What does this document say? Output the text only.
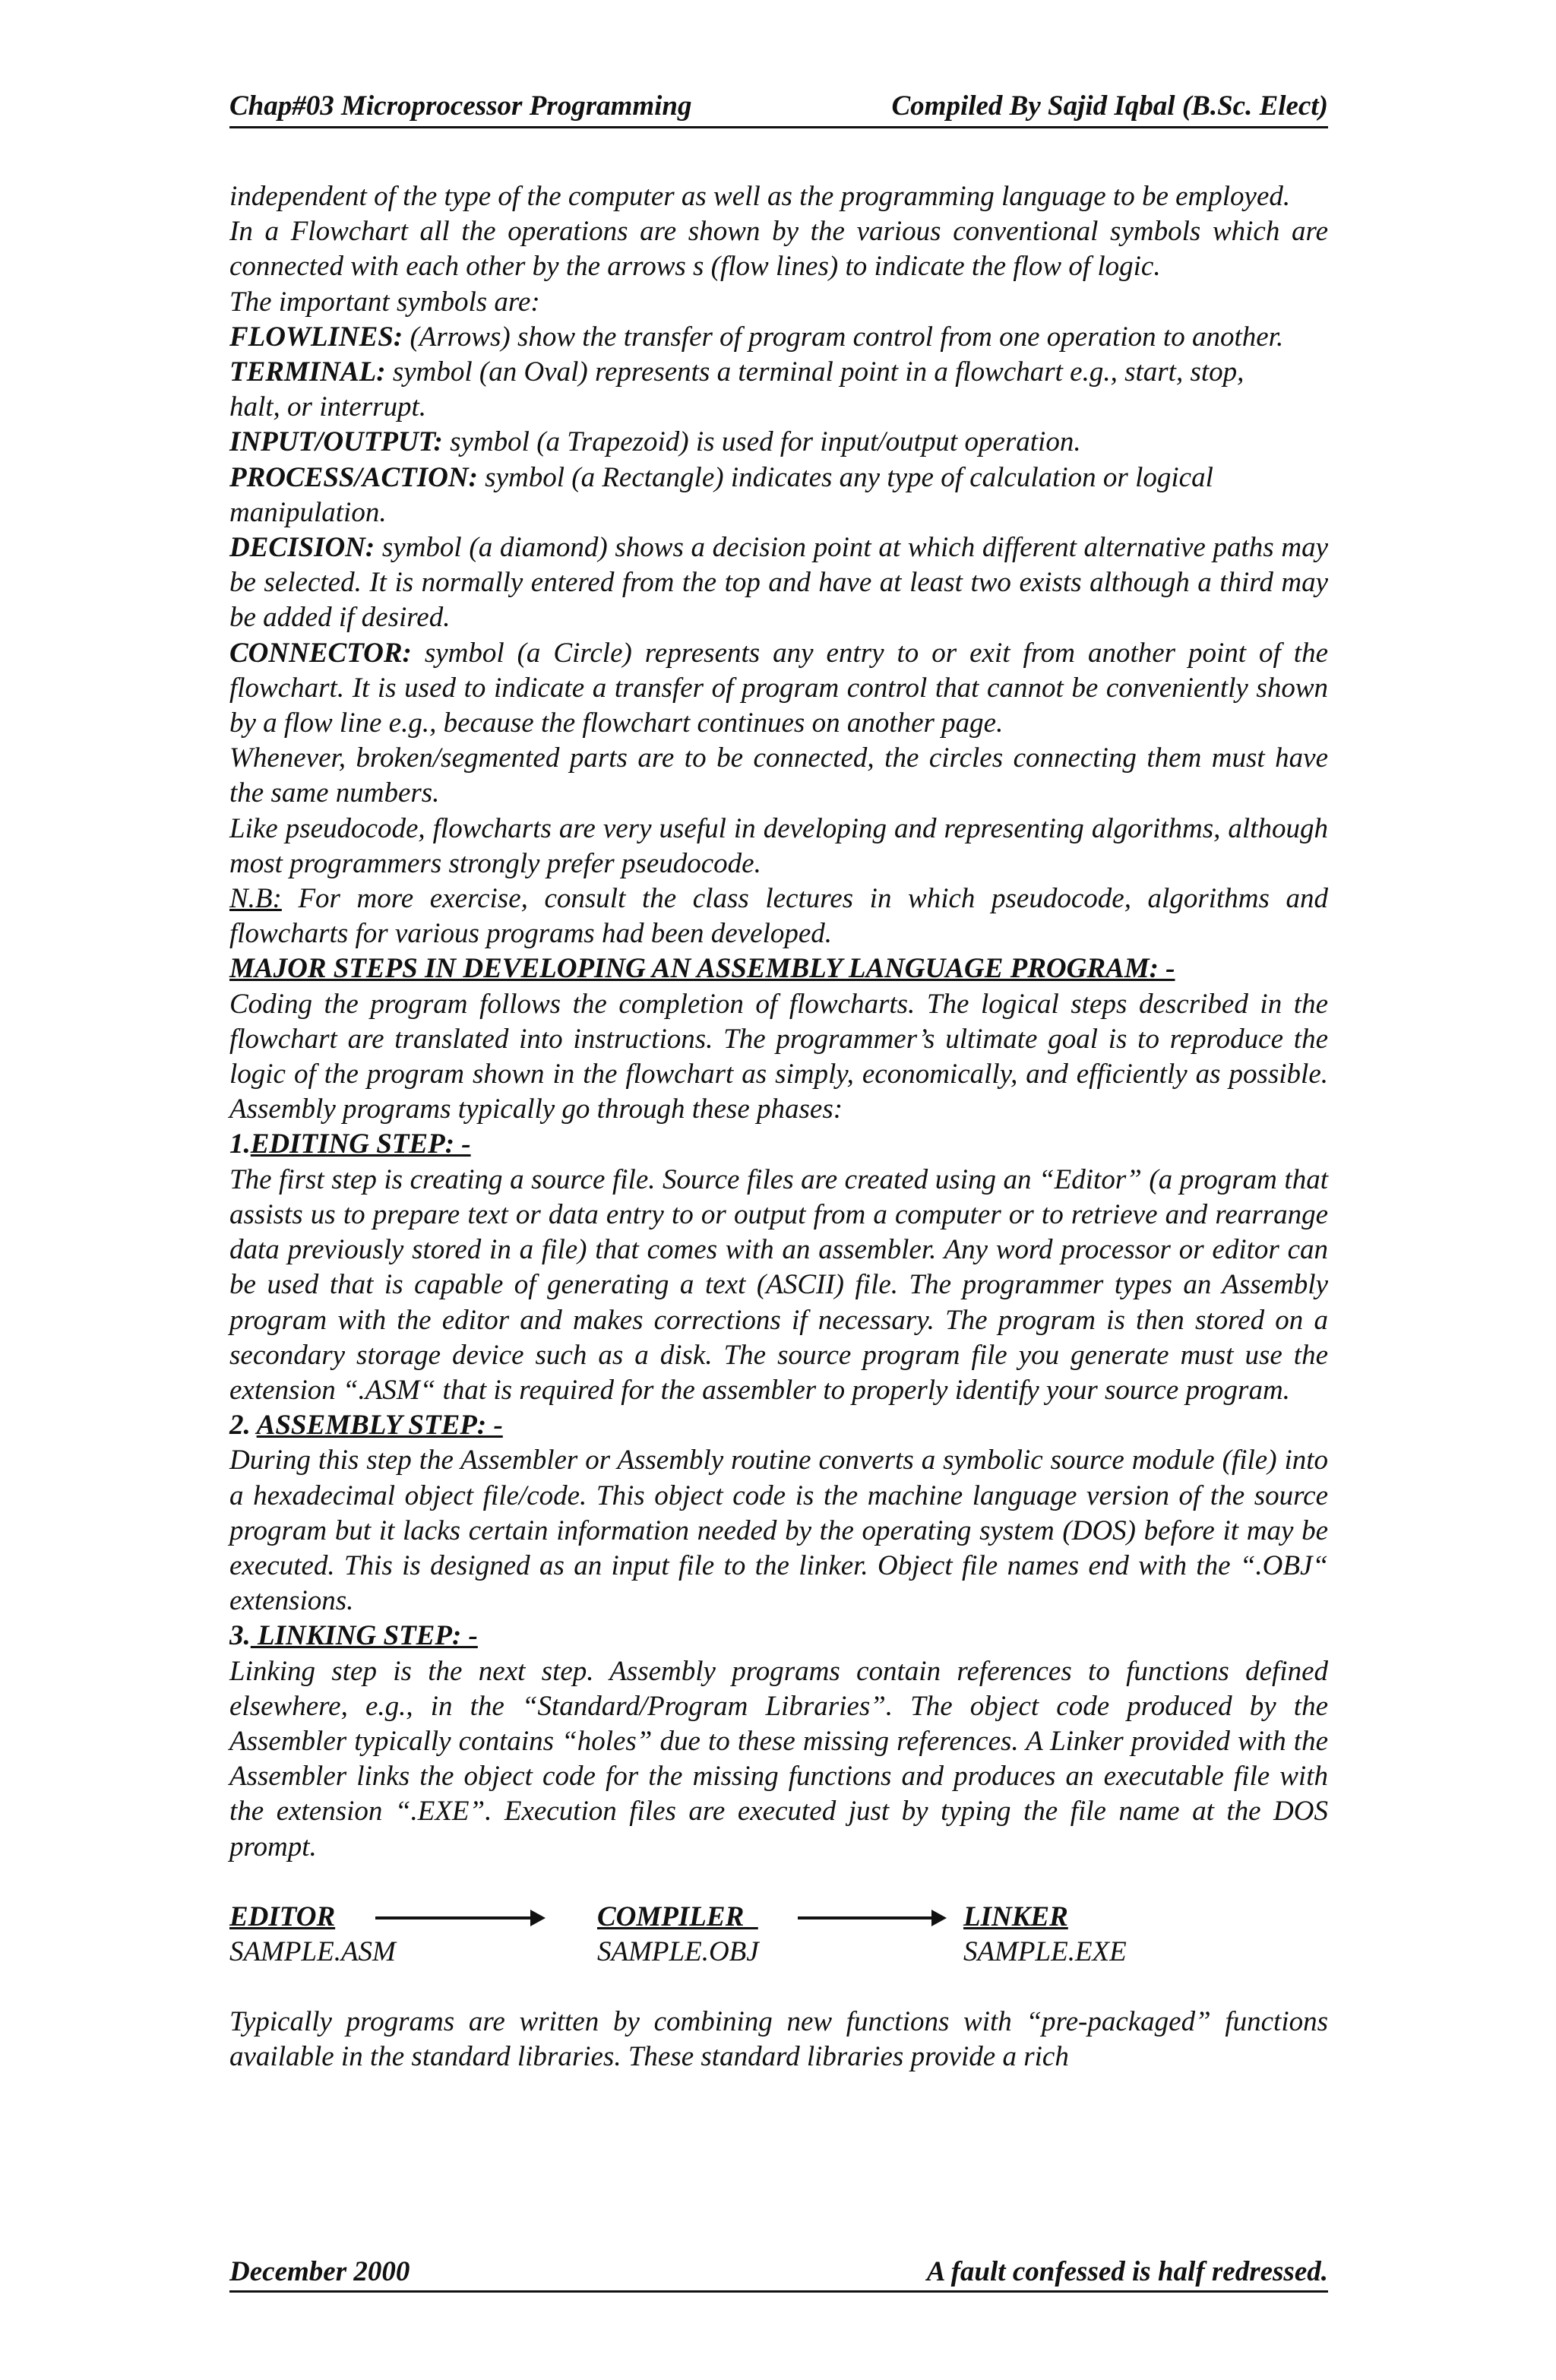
Chap#03 Microprocessor Programming	Compiled By Sajid Iqbal (B.Sc. Elect)

independent of the type of the computer as well as the programming language to be employed.

In a Flowchart all the operations are shown by the various conventional symbols which are connected with each other by the arrows s (flow lines) to indicate the flow of logic.

The important symbols are:

FLOWLINES: (Arrows) show the transfer of program control from one operation to another.

TERMINAL: symbol (an Oval) represents a terminal point in a flowchart e.g., start, stop, halt, or interrupt.

INPUT/OUTPUT: symbol (a Trapezoid) is used for input/output operation.

PROCESS/ACTION: symbol (a Rectangle) indicates any type of calculation or logical manipulation.

DECISION: symbol (a diamond) shows a decision point at which different alternative paths may be selected. It is normally entered from the top and have at least two exists although a third may be added if desired.

CONNECTOR: symbol (a Circle) represents any entry to or exit from another point of the flowchart. It is used to indicate a transfer of program control that cannot be conveniently shown by a flow line e.g., because the flowchart continues on another page.

Whenever, broken/segmented parts are to be connected, the circles connecting them must have the same numbers.

Like pseudocode, flowcharts are very useful in developing and representing algorithms, although most programmers strongly prefer pseudocode.

N.B: For more exercise, consult the class lectures in which pseudocode, algorithms and flowcharts for various programs had been developed.

MAJOR STEPS IN DEVELOPING AN ASSEMBLY LANGUAGE PROGRAM: -

Coding the program follows the completion of flowcharts. The logical steps described in the flowchart are translated into instructions. The programmer’s ultimate goal is to reproduce the logic of the program shown in the flowchart as simply, economically, and efficiently as possible. Assembly programs typically go through these phases:

1.EDITING STEP: -

The first step is creating a source file. Source files are created using an “Editor” (a program that assists us to prepare text or data entry to or output from a computer or to retrieve and rearrange data previously stored in a file) that comes with an assembler. Any word processor or editor can be used that is capable of generating a text (ASCII) file. The programmer types an Assembly program with the editor and makes corrections if necessary. The program is then stored on a secondary storage device such as a disk. The source program file you generate must use the extension “.ASM“ that is required for the assembler to properly identify your source program.

2. ASSEMBLY STEP: -

During this step the Assembler or Assembly routine converts a symbolic source module (file) into a hexadecimal object file/code. This object code is the machine language version of the source program but it lacks certain information needed by the operating system (DOS) before it may be executed. This is designed as an input file to the linker. Object file names end with the “.OBJ“ extensions.

3. LINKING STEP: -

Linking step is the next step. Assembly programs contain references to functions defined elsewhere, e.g., in the “Standard/Program Libraries”. The object code produced by the Assembler typically contains “holes” due to these missing references. A Linker provided with the Assembler links the object code for the missing functions and produces an executable file with the extension “.EXE”. Execution files are executed just by typing the file name at the DOS prompt.

EDITOR
SAMPLE.ASM
COMPILER
SAMPLE.OBJ
LINKER
SAMPLE.EXE

Typically programs are written by combining new functions with “pre-packaged” functions available in the standard libraries. These standard libraries provide a rich

December 2000	A fault confessed is half redressed.
